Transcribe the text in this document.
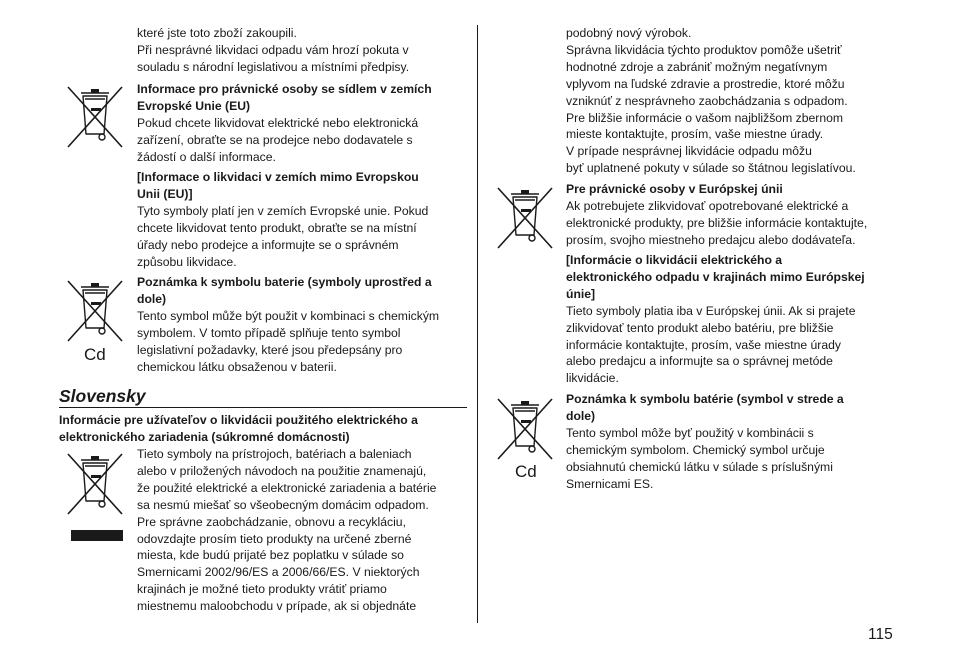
které jste toto zboží zakoupili.

Při nesprávné likvidaci odpadu vám hrozí pokuta v

souladu s národní legislativou a místními předpisy.

Informace pro právnické osoby se sídlem v zemích

Evropské Unie (EU)

Pokud chcete likvidovat elektrické nebo elektronická

zařízení, obraťte se na prodejce nebo dodavatele s

žádostí o další informace.

[Informace o likvidaci v zemích mimo Evropskou

Unii (EU)]

Tyto symboly platí jen v zemích Evropské unie. Pokud

chcete likvidovat tento produkt, obraťte se na místní

úřady nebo prodejce a informujte se o správném

způsobu likvidace.

Cd

Poznámka k symbolu baterie (symboly uprostřed a

dole)

Tento symbol může být použit v kombinaci s chemickým

symbolem. V tomto případě splňuje tento symbol

legislativní požadavky, které jsou předepsány pro

chemickou látku obsaženou v baterii.

Slovensky

Informácie pre užívateľov o likvidácii použitého elektrického a

elektronického zariadenia (súkromné domácnosti)

Tieto symboly na prístrojoch, batériach a baleniach

alebo v priložených návodoch na použitie znamenajú,

že použité elektrické a elektronické zariadenia a batérie

sa nesmú miešať so všeobecným domácim odpadom.

Pre správne zaobchádzanie, obnovu a recykláciu,

odovzdajte prosím tieto produkty na určené zberné

miesta, kde budú prijaté bez poplatku v súlade so

Smernicami 2002/96/ES a 2006/66/ES. V niektorých

krajinách je možné tieto produkty vrátiť priamo

miestnemu maloobchodu v prípade, ak si objednáte

podobný nový výrobok.

Správna likvidácia týchto produktov pomôže ušetriť

hodnotné zdroje a zabrániť možným negatívnym

vplyvom na ľudské zdravie a prostredie, ktoré môžu

vzniknúť z nesprávneho zaobchádzania s odpadom.

Pre bližšie informácie o vašom najbližšom zbernom

mieste kontaktujte, prosím, vaše miestne úrady.

V prípade nesprávnej likvidácie odpadu môžu

byť uplatnené pokuty v súlade so štátnou legislatívou.

Pre právnické osoby v Európskej únii

Ak potrebujete zlikvidovať opotrebované elektrické a

elektronické produkty, pre bližšie informácie kontaktujte,

prosím, svojho miestneho predajcu alebo dodávateľa.

[Informácie o likvidácii elektrického a

elektronického odpadu v krajinách mimo Európskej

únie]

Tieto symboly platia iba v Európskej únii. Ak si prajete

zlikvidovať tento produkt alebo batériu, pre bližšie

informácie kontaktujte, prosím, vaše miestne úrady

alebo predajcu a informujte sa o správnej metóde

likvidácie.

Cd

Poznámka k symbolu batérie (symbol v strede a

dole)

Tento symbol môže byť použitý v kombinácii s

chemickým symbolom. Chemický symbol určuje

obsiahnutú chemickú látku v súlade s príslušnými

Smernicami ES.

115
